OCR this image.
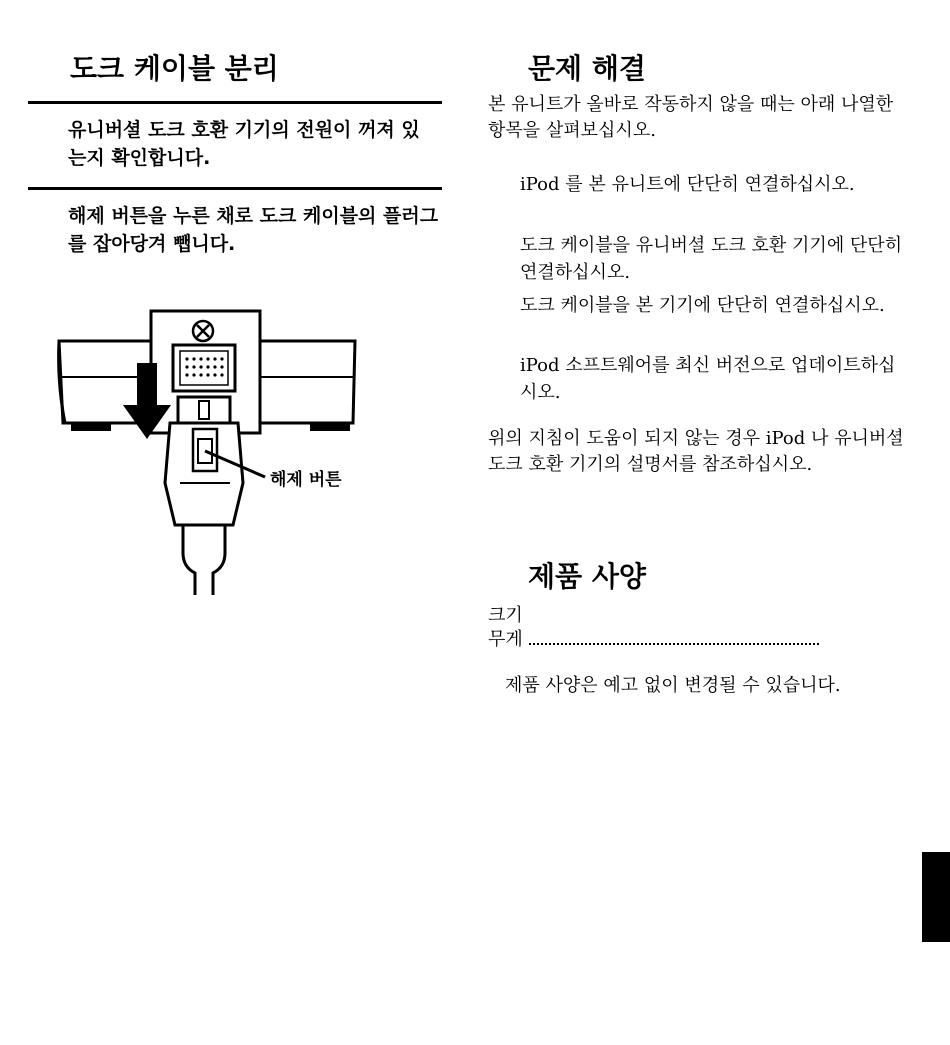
도크 케이블 분리
유니버셜 도크 호환 기기의 전원이 꺼져 있는지 확인합니다.
해제 버튼을 누른 채로 도크 케이블의 플러그를 잡아당겨 뺍니다.
해제 버튼
문제 해결
본 유니트가 올바로 작동하지 않을 때는 아래 나열한 항목을 살펴보십시오.
iPod 를 본 유니트에 단단히 연결하십시오.
도크 케이블을 유니버셜 도크 호환 기기에 단단히 연결하십시오.
도크 케이블을 본 기기에 단단히 연결하십시오.
iPod 소프트웨어를 최신 버전으로 업데이트하십시오.
위의 지침이 도움이 되지 않는 경우 iPod 나 유니버셜 도크 호환 기기의 설명서를 참조하십시오.
제품 사양
크기
무게
제품 사양은 예고 없이 변경될 수 있습니다.
